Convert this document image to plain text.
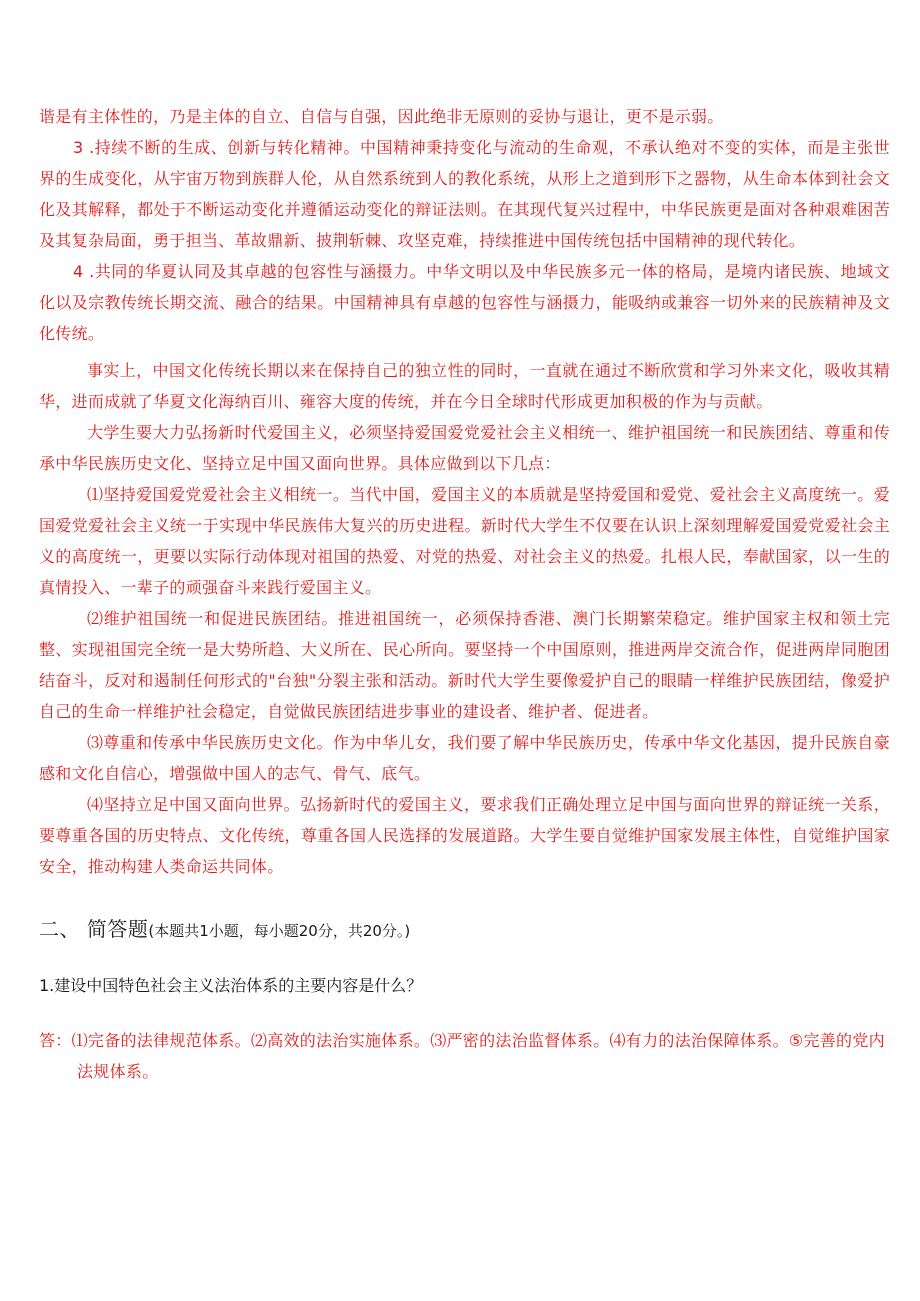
谐是有主体性的，乃是主体的自立、自信与自强，因此绝非无原则的妥协与退让，更不是示弱。

3 .持续不断的生成、创新与转化精神。中国精神秉持变化与流动的生命观，不承认绝对不变的实体，而是主张世界的生成变化，从宇宙万物到族群人伦，从自然系统到人的教化系统，从形上之道到形下之器物，从生命本体到社会文化及其解释，都处于不断运动变化并遵循运动变化的辩证法则。在其现代复兴过程中，中华民族更是面对各种艰难困苦及其复杂局面，勇于担当、革故鼎新、披荆斩棘、攻坚克难，持续推进中国传统包括中国精神的现代转化。

4 .共同的华夏认同及其卓越的包容性与涵摄力。中华文明以及中华民族多元一体的格局，是境内诸民族、地域文化以及宗教传统长期交流、融合的结果。中国精神具有卓越的包容性与涵摄力，能吸纳或兼容一切外来的民族精神及文化传统。

事实上，中国文化传统长期以来在保持自己的独立性的同时，一直就在通过不断欣赏和学习外来文化，吸收其精华，进而成就了华夏文化海纳百川、雍容大度的传统，并在今日全球时代形成更加积极的作为与贡献。

大学生要大力弘扬新时代爱国主义，必须坚持爱国爱党爱社会主义相统一、维护祖国统一和民族团结、尊重和传承中华民族历史文化、坚持立足中国又面向世界。具体应做到以下几点：

⑴坚持爱国爱党爱社会主义相统一。当代中国，爱国主义的本质就是坚持爱国和爱党、爱社会主义高度统一。爱国爱党爱社会主义统一于实现中华民族伟大复兴的历史进程。新时代大学生不仅要在认识上深刻理解爱国爱党爱社会主义的高度统一，更要以实际行动体现对祖国的热爱、对党的热爱、对社会主义的热爱。扎根人民，奉献国家，以一生的真情投入、一辈子的顽强奋斗来践行爱国主义。

⑵维护祖国统一和促进民族团结。推进祖国统一，必须保持香港、澳门长期繁荣稳定。维护国家主权和领土完整、实现祖国完全统一是大势所趋、大义所在、民心所向。要坚持一个中国原则，推进两岸交流合作，促进两岸同胞团结奋斗，反对和遏制任何形式的"台独"分裂主张和活动。新时代大学生要像爱护自己的眼睛一样维护民族团结，像爱护自己的生命一样维护社会稳定，自觉做民族团结进步事业的建设者、维护者、促进者。

⑶尊重和传承中华民族历史文化。作为中华儿女，我们要了解中华民族历史，传承中华文化基因，提升民族自豪感和文化自信心，增强做中国人的志气、骨气、底气。

⑷坚持立足中国又面向世界。弘扬新时代的爱国主义，要求我们正确处理立足中国与面向世界的辩证统一关系，要尊重各国的历史特点、文化传统，尊重各国人民选择的发展道路。大学生要自觉维护国家发展主体性，自觉维护国家安全，推动构建人类命运共同体。

二、 简答题(本题共1小题，每小题20分，共20分。)

1.建设中国特色社会主义法治体系的主要内容是什么？

答：⑴完备的法律规范体系。⑵高效的法治实施体系。⑶严密的法治监督体系。⑷有力的法治保障体系。⑤完善的党内法规体系。
